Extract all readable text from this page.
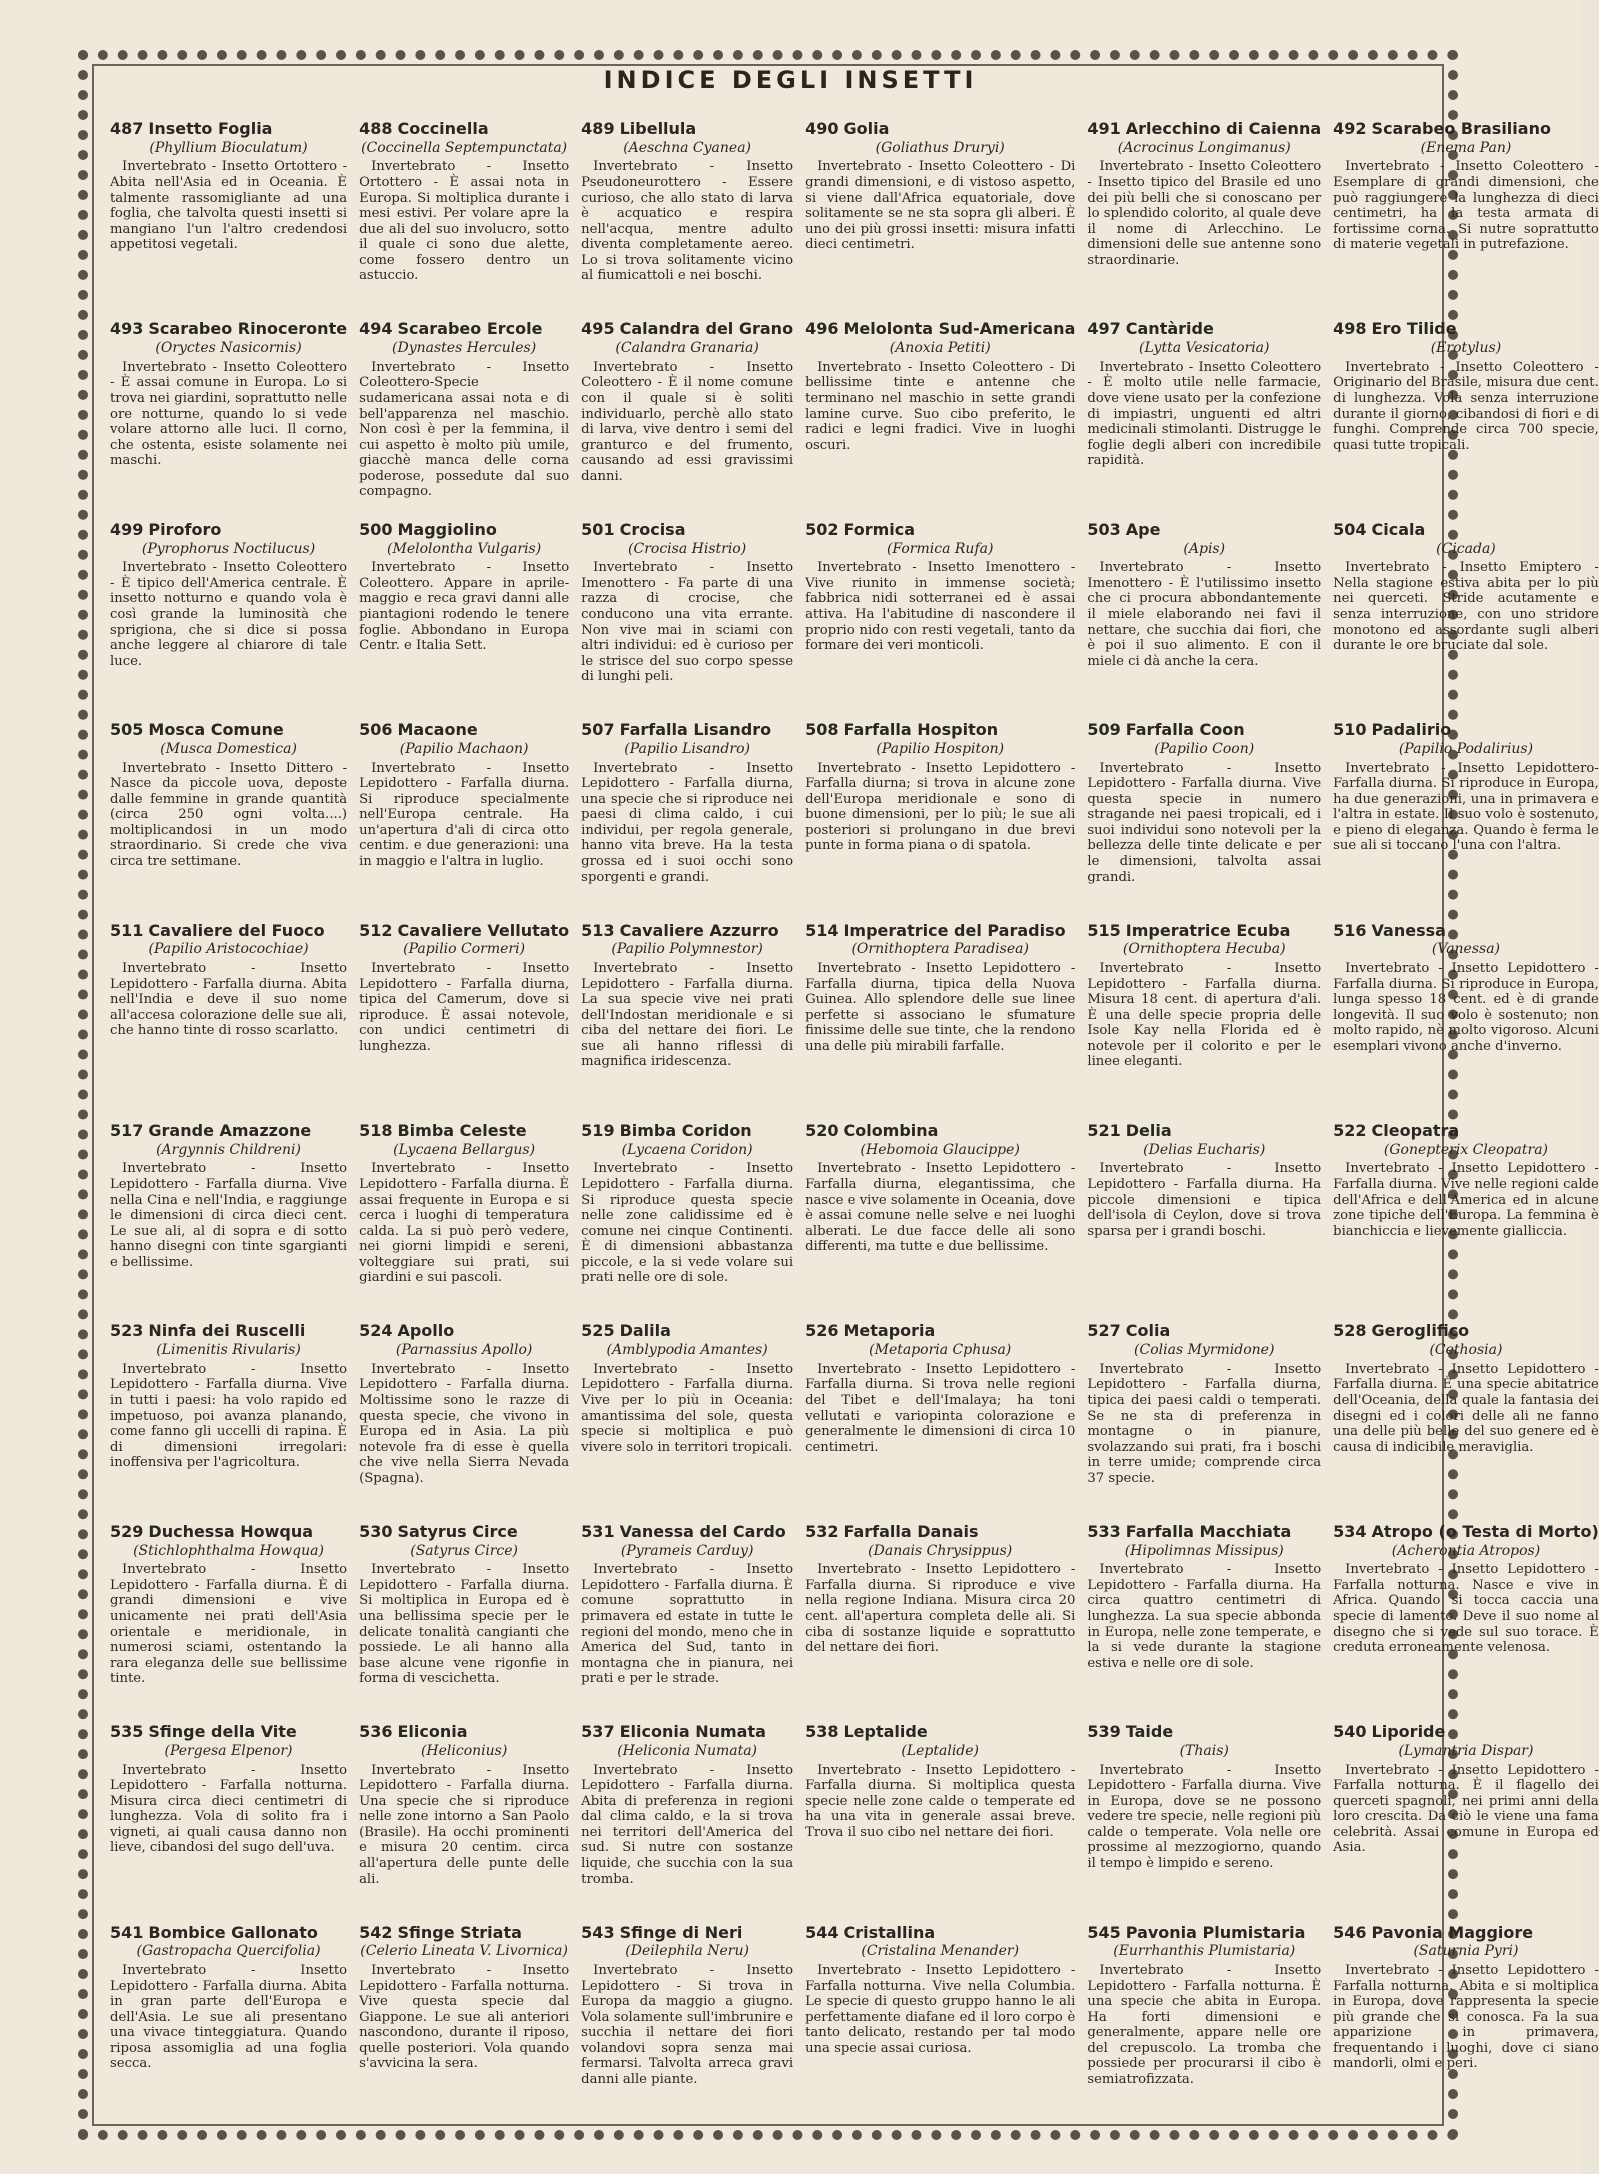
INDICE DEGLI INSETTI
487 Insetto Foglia
(Phyllium Bioculatum)
Invertebrato - Insetto Ortottero - Abita nell'Asia ed in Oceania. È talmente rassomigliante ad una foglia, che talvolta questi insetti si mangiano l'un l'altro credendosi appetitosi vegetali.
488 Coccinella
(Coccinella Septempunctata)
Invertebrato - Insetto Ortottero - È assai nota in Europa. Si moltiplica durante i mesi estivi. Per volare apre la due ali del suo involucro, sotto il quale ci sono due alette, come fossero dentro un astuccio.
489 Libellula
(Aeschna Cyanea)
Invertebrato - Insetto Pseudoneurottero - Essere curioso, che allo stato di larva è acquatico e respira nell'acqua, mentre adulto diventa completamente aereo. Lo si trova solitamente vicino al fiumicattoli e nei boschi.
490 Golia
(Goliathus Druryi)
Invertebrato - Insetto Coleottero - Di grandi dimensioni, e di vistoso aspetto, si viene dall'Africa equatoriale, dove solitamente se ne sta sopra gli alberi. È uno dei più grossi insetti: misura infatti dieci centimetri.
491 Arlecchino di Caienna
(Acrocinus Longimanus)
Invertebrato - Insetto Coleottero - Insetto tipico del Brasile ed uno dei più belli che si conoscano per lo splendido colorito, al quale deve il nome di Arlecchino. Le dimensioni delle sue antenne sono straordinarie.
492 Scarabeo Brasiliano
(Enema Pan)
Invertebrato - Insetto Coleottero - Esemplare di grandi dimensioni, che può raggiungere la lunghezza di dieci centimetri, ha la testa armata di fortissime corna. Si nutre soprattutto di materie vegetali in putrefazione.
493 Scarabeo Rinoceronte
(Oryctes Nasicornis)
Invertebrato - Insetto Coleottero - È assai comune in Europa. Lo si trova nei giardini, soprattutto nelle ore notturne, quando lo si vede volare attorno alle luci. Il corno, che ostenta, esiste solamente nei maschi.
494 Scarabeo Ercole
(Dynastes Hercules)
Invertebrato - Insetto Coleottero-Specie sudamericana assai nota e di bell'apparenza nel maschio. Non così è per la femmina, il cui aspetto è molto più umile, giacchè manca delle corna poderose, possedute dal suo compagno.
495 Calandra del Grano
(Calandra Granaria)
Invertebrato - Insetto Coleottero - È il nome comune con il quale si è soliti individuarlo, perchè allo stato di larva, vive dentro i semi del granturco e del frumento, causando ad essi gravissimi danni.
496 Melolonta Sud-Americana
(Anoxia Petiti)
Invertebrato - Insetto Coleottero - Di bellissime tinte e antenne che terminano nel maschio in sette grandi lamine curve. Suo cibo preferito, le radici e legni fradici. Vive in luoghi oscuri.
497 Cantàride
(Lytta Vesicatoria)
Invertebrato - Insetto Coleottero - È molto utile nelle farmacie, dove viene usato per la confezione di impiastri, unguenti ed altri medicinali stimolanti. Distrugge le foglie degli alberi con incredibile rapidità.
498 Ero Tilide
(Erotylus)
Invertebrato - Insetto Coleottero - Originario del Brasile, misura due cent. di lunghezza. Vola senza interruzione durante il giorno, cibandosi di fiori e di funghi. Comprende circa 700 specie, quasi tutte tropicali.
499 Piroforo
(Pyrophorus Noctilucus)
Invertebrato - Insetto Coleottero - È tipico dell'America centrale. È insetto notturno e quando vola è così grande la luminosità che sprigiona, che si dice si possa anche leggere al chiarore di tale luce.
500 Maggiolino
(Melolontha Vulgaris)
Invertebrato - Insetto Coleottero. Appare in aprile-maggio e reca gravi danni alle piantagioni rodendo le tenere foglie. Abbondano in Europa Centr. e Italia Sett.
501 Crocisa
(Crocisa Histrio)
Invertebrato - Insetto Imenottero - Fa parte di una razza di crocise, che conducono una vita errante. Non vive mai in sciami con altri individui: ed è curioso per le strisce del suo corpo spesse di lunghi peli.
502 Formica
(Formica Rufa)
Invertebrato - Insetto Imenottero - Vive riunito in immense società; fabbrica nidi sotterranei ed è assai attiva. Ha l'abitudine di nascondere il proprio nido con resti vegetali, tanto da formare dei veri monticoli.
503 Ape
(Apis)
Invertebrato - Insetto Imenottero - È l'utilissimo insetto che ci procura abbondantemente il miele elaborando nei favi il nettare, che succhia dai fiori, che è poi il suo alimento. E con il miele ci dà anche la cera.
504 Cicala
(Cicada)
Invertebrato - Insetto Emiptero - Nella stagione estiva abita per lo più nei querceti. Stride acutamente e senza interruzione, con uno stridore monotono ed assordante sugli alberi durante le ore bruciate dal sole.
505 Mosca Comune
(Musca Domestica)
Invertebrato - Insetto Dittero - Nasce da piccole uova, deposte dalle femmine in grande quantità (circa 250 ogni volta....) moltiplicandosi in un modo straordinario. Si crede che viva circa tre settimane.
506 Macaone
(Papilio Machaon)
Invertebrato - Insetto Lepidottero - Farfalla diurna. Si riproduce specialmente nell'Europa centrale. Ha un'apertura d'ali di circa otto centim. e due generazioni: una in maggio e l'altra in luglio.
507 Farfalla Lisandro
(Papilio Lisandro)
Invertebrato - Insetto Lepidottero - Farfalla diurna, una specie che si riproduce nei paesi di clima caldo, i cui individui, per regola generale, hanno vita breve. Ha la testa grossa ed i suoi occhi sono sporgenti e grandi.
508 Farfalla Hospiton
(Papilio Hospiton)
Invertebrato - Insetto Lepidottero - Farfalla diurna; si trova in alcune zone dell'Europa meridionale e sono di buone dimensioni, per lo più; le sue ali posteriori si prolungano in due brevi punte in forma piana o di spatola.
509 Farfalla Coon
(Papilio Coon)
Invertebrato - Insetto Lepidottero - Farfalla diurna. Vive questa specie in numero stragande nei paesi tropicali, ed i suoi individui sono notevoli per la bellezza delle tinte delicate e per le dimensioni, talvolta assai grandi.
510 Padalirio
(Papilio Podalirius)
Invertebrato - Insetto Lepidottero-Farfalla diurna. Si riproduce in Europa, ha due generazioni, una in primavera e l'altra in estate. Il suo volo è sostenuto, e pieno di eleganza. Quando è ferma le sue ali si toccano l'una con l'altra.
511 Cavaliere del Fuoco
(Papilio Aristocochiae)
Invertebrato - Insetto Lepidottero - Farfalla diurna. Abita nell'India e deve il suo nome all'accesa colorazione delle sue ali, che hanno tinte di rosso scarlatto.
512 Cavaliere Vellutato
(Papilio Cormeri)
Invertebrato - Insetto Lepidottero - Farfalla diurna, tipica del Camerum, dove si riproduce. È assai notevole, con undici centimetri di lunghezza.
513 Cavaliere Azzurro
(Papilio Polymnestor)
Invertebrato - Insetto Lepidottero - Farfalla diurna. La sua specie vive nei prati dell'Indostan meridionale e si ciba del nettare dei fiori. Le sue ali hanno riflessi di magnifica iridescenza.
514 Imperatrice del Paradiso
(Ornithoptera Paradisea)
Invertebrato - Insetto Lepidottero - Farfalla diurna, tipica della Nuova Guinea. Allo splendore delle sue linee perfette si associano le sfumature finissime delle sue tinte, che la rendono una delle più mirabili farfalle.
515 Imperatrice Ecuba
(Ornithoptera Hecuba)
Invertebrato - Insetto Lepidottero - Farfalla diurna. Misura 18 cent. di apertura d'ali. È una delle specie propria delle Isole Kay nella Florida ed è notevole per il colorito e per le linee eleganti.
516 Vanessa
(Vanessa)
Invertebrato - Insetto Lepidottero - Farfalla diurna. Si riproduce in Europa, lunga spesso 18 cent. ed è di grande longevità. Il suo volo è sostenuto; non molto rapido, nè molto vigoroso. Alcuni esemplari vivono anche d'inverno.
517 Grande Amazzone
(Argynnis Childreni)
Invertebrato - Insetto Lepidottero - Farfalla diurna. Vive nella Cina e nell'India, e raggiunge le dimensioni di circa dieci cent. Le sue ali, al di sopra e di sotto hanno disegni con tinte sgargianti e bellissime.
518 Bimba Celeste
(Lycaena Bellargus)
Invertebrato - Insetto Lepidottero - Farfalla diurna. È assai frequente in Europa e si cerca i luoghi di temperatura calda. La si può però vedere, nei giorni limpidi e sereni, volteggiare sui prati, sui giardini e sui pascoli.
519 Bimba Coridon
(Lycaena Coridon)
Invertebrato - Insetto Lepidottero - Farfalla diurna. Si riproduce questa specie nelle zone calidissime ed è comune nei cinque Continenti. È di dimensioni abbastanza piccole, e la si vede volare sui prati nelle ore di sole.
520 Colombina
(Hebomoia Glaucippe)
Invertebrato - Insetto Lepidottero - Farfalla diurna, elegantissima, che nasce e vive solamente in Oceania, dove è assai comune nelle selve e nei luoghi alberati. Le due facce delle ali sono differenti, ma tutte e due bellissime.
521 Delia
(Delias Eucharis)
Invertebrato - Insetto Lepidottero - Farfalla diurna. Ha piccole dimensioni e tipica dell'isola di Ceylon, dove si trova sparsa per i grandi boschi.
522 Cleopatra
(Gonepterix Cleopatra)
Invertebrato - Insetto Lepidottero - Farfalla diurna. Vive nelle regioni calde dell'Africa e dell'America ed in alcune zone tipiche dell'Europa. La femmina è bianchiccia e lievemente gialliccia.
523 Ninfa dei Ruscelli
(Limenitis Rivularis)
Invertebrato - Insetto Lepidottero - Farfalla diurna. Vive in tutti i paesi: ha volo rapido ed impetuoso, poi avanza planando, come fanno gli uccelli di rapina. È di dimensioni irregolari: inoffensiva per l'agricoltura.
524 Apollo
(Parnassius Apollo)
Invertebrato - Insetto Lepidottero - Farfalla diurna. Moltissime sono le razze di questa specie, che vivono in Europa ed in Asia. La più notevole fra di esse è quella che vive nella Sierra Nevada (Spagna).
525 Dalila
(Amblypodia Amantes)
Invertebrato - Insetto Lepidottero - Farfalla diurna. Vive per lo più in Oceania: amantissima del sole, questa specie si moltiplica e può vivere solo in territori tropicali.
526 Metaporia
(Metaporia Cphusa)
Invertebrato - Insetto Lepidottero - Farfalla diurna. Si trova nelle regioni del Tibet e dell'Imalaya; ha toni vellutati e variopinta colorazione e generalmente le dimensioni di circa 10 centimetri.
527 Colia
(Colias Myrmidone)
Invertebrato - Insetto Lepidottero - Farfalla diurna, tipica dei paesi caldi o temperati. Se ne sta di preferenza in montagne o in pianure, svolazzando sui prati, fra i boschi in terre umide; comprende circa 37 specie.
528 Geroglifico
(Cethosia)
Invertebrato - Insetto Lepidottero - Farfalla diurna. È una specie abitatrice dell'Oceania, della quale la fantasia dei disegni ed i colori delle ali ne fanno una delle più belle del suo genere ed è causa di indicibile meraviglia.
529 Duchessa Howqua
(Stichlophthalma Howqua)
Invertebrato - Insetto Lepidottero - Farfalla diurna. È di grandi dimensioni e vive unicamente nei prati dell'Asia orientale e meridionale, in numerosi sciami, ostentando la rara eleganza delle sue bellissime tinte.
530 Satyrus Circe
(Satyrus Circe)
Invertebrato - Insetto Lepidottero - Farfalla diurna. Si moltiplica in Europa ed è una bellissima specie per le delicate tonalità cangianti che possiede. Le ali hanno alla base alcune vene rigonfie in forma di vescichetta.
531 Vanessa del Cardo
(Pyrameis Carduy)
Invertebrato - Insetto Lepidottero - Farfalla diurna. È comune soprattutto in primavera ed estate in tutte le regioni del mondo, meno che in America del Sud, tanto in montagna che in pianura, nei prati e per le strade.
532 Farfalla Danais
(Danais Chrysippus)
Invertebrato - Insetto Lepidottero - Farfalla diurna. Si riproduce e vive nella regione Indiana. Misura circa 20 cent. all'apertura completa delle ali. Si ciba di sostanze liquide e soprattutto del nettare dei fiori.
533 Farfalla Macchiata
(Hipolimnas Missipus)
Invertebrato - Insetto Lepidottero - Farfalla diurna. Ha circa quattro centimetri di lunghezza. La sua specie abbonda in Europa, nelle zone temperate, e la si vede durante la stagione estiva e nelle ore di sole.
534 Atropo (o Testa di Morto)
(Acherontia Atropos)
Invertebrato - Insetto Lepidottero - Farfalla notturna. Nasce e vive in Africa. Quando si tocca caccia una specie di lamento. Deve il suo nome al disegno che si vede sul suo torace. È creduta erroneamente velenosa.
535 Sfinge della Vite
(Pergesa Elpenor)
Invertebrato - Insetto Lepidottero - Farfalla notturna. Misura circa dieci centimetri di lunghezza. Vola di solito fra i vigneti, ai quali causa danno non lieve, cibandosi del sugo dell'uva.
536 Eliconia
(Heliconius)
Invertebrato - Insetto Lepidottero - Farfalla diurna. Una specie che si riproduce nelle zone intorno a San Paolo (Brasile). Ha occhi prominenti e misura 20 centim. circa all'apertura delle punte delle ali.
537 Eliconia Numata
(Heliconia Numata)
Invertebrato - Insetto Lepidottero - Farfalla diurna. Abita di preferenza in regioni dal clima caldo, e la si trova nei territori dell'America del sud. Si nutre con sostanze liquide, che succhia con la sua tromba.
538 Leptalide
(Leptalide)
Invertebrato - Insetto Lepidottero - Farfalla diurna. Si moltiplica questa specie nelle zone calde o temperate ed ha una vita in generale assai breve. Trova il suo cibo nel nettare dei fiori.
539 Taide
(Thais)
Invertebrato - Insetto Lepidottero - Farfalla diurna. Vive in Europa, dove se ne possono vedere tre specie, nelle regioni più calde o temperate. Vola nelle ore prossime al mezzogiorno, quando il tempo è limpido e sereno.
540 Liporide
(Lymantria Dispar)
Invertebrato - Insetto Lepidottero - Farfalla notturna. È il flagello dei querceti spagnoli, nei primi anni della loro crescita. Da ciò le viene una fama celebrità. Assai comune in Europa ed Asia.
541 Bombice Gallonato
(Gastropacha Quercifolia)
Invertebrato - Insetto Lepidottero - Farfalla diurna. Abita in gran parte dell'Europa e dell'Asia. Le sue ali presentano una vivace tinteggiatura. Quando riposa assomiglia ad una foglia secca.
542 Sfinge Striata
(Celerio Lineata V. Livornica)
Invertebrato - Insetto Lepidottero - Farfalla notturna. Vive questa specie dal Giappone. Le sue ali anteriori nascondono, durante il riposo, quelle posteriori. Vola quando s'avvicina la sera.
543 Sfinge di Neri
(Deilephila Neru)
Invertebrato - Insetto Lepidottero - Si trova in Europa da maggio a giugno. Vola solamente sull'imbrunire e succhia il nettare dei fiori volandovi sopra senza mai fermarsi. Talvolta arreca gravi danni alle piante.
544 Cristallina
(Cristalina Menander)
Invertebrato - Insetto Lepidottero - Farfalla notturna. Vive nella Columbia. Le specie di questo gruppo hanno le ali perfettamente diafane ed il loro corpo è tanto delicato, restando per tal modo una specie assai curiosa.
545 Pavonia Plumistaria
(Eurrhanthis Plumistaria)
Invertebrato - Insetto Lepidottero - Farfalla notturna. È una specie che abita in Europa. Ha forti dimensioni e generalmente, appare nelle ore del crepuscolo. La tromba che possiede per procurarsi il cibo è semiatrofizzata.
546 Pavonia Maggiore
(Saturnia Pyri)
Invertebrato - Insetto Lepidottero - Farfalla notturna. Abita e si moltiplica in Europa, dove rappresenta la specie più grande che si conosca. Fa la sua apparizione in primavera, frequentando i luoghi, dove ci siano mandorli, olmi e peri.
